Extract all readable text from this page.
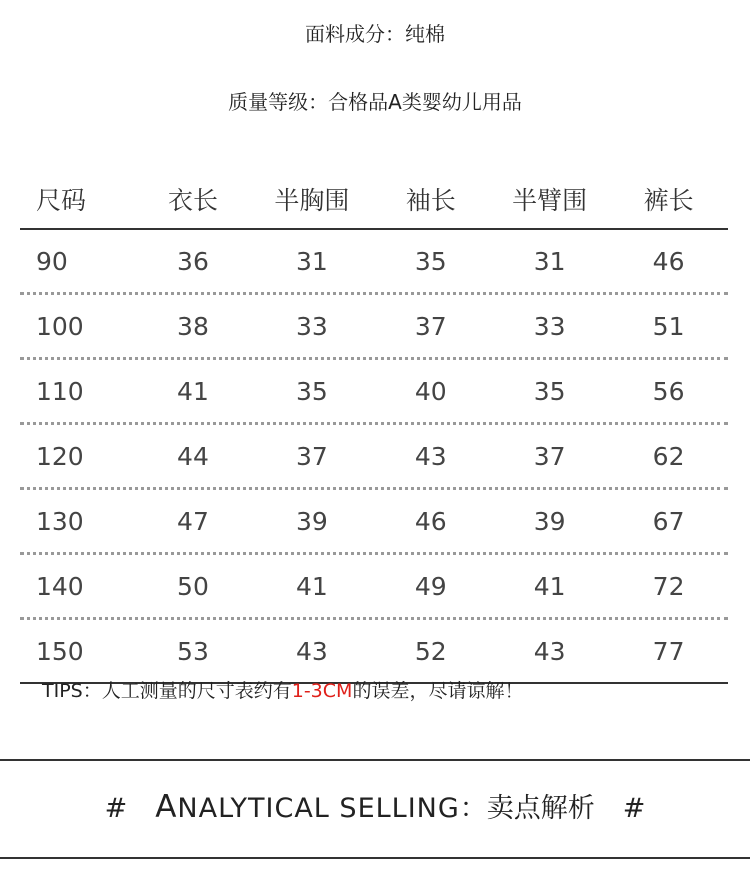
面料成分：纯棉
质量等级：合格品A类婴幼儿用品
尺码	衣长	半胸围	袖长	半臂围	裤长
90	36	31	35	31	46
100	38	33	37	33	51
110	41	35	40	35	56
120	44	37	43	37	62
130	47	39	46	39	67
140	50	41	49	41	72
150	53	43	52	43	77
TIPS：人工测量的尺寸表约有1-3CM的误差，尽请谅解！
# ANALYTICAL SELLING：卖点解析 #
